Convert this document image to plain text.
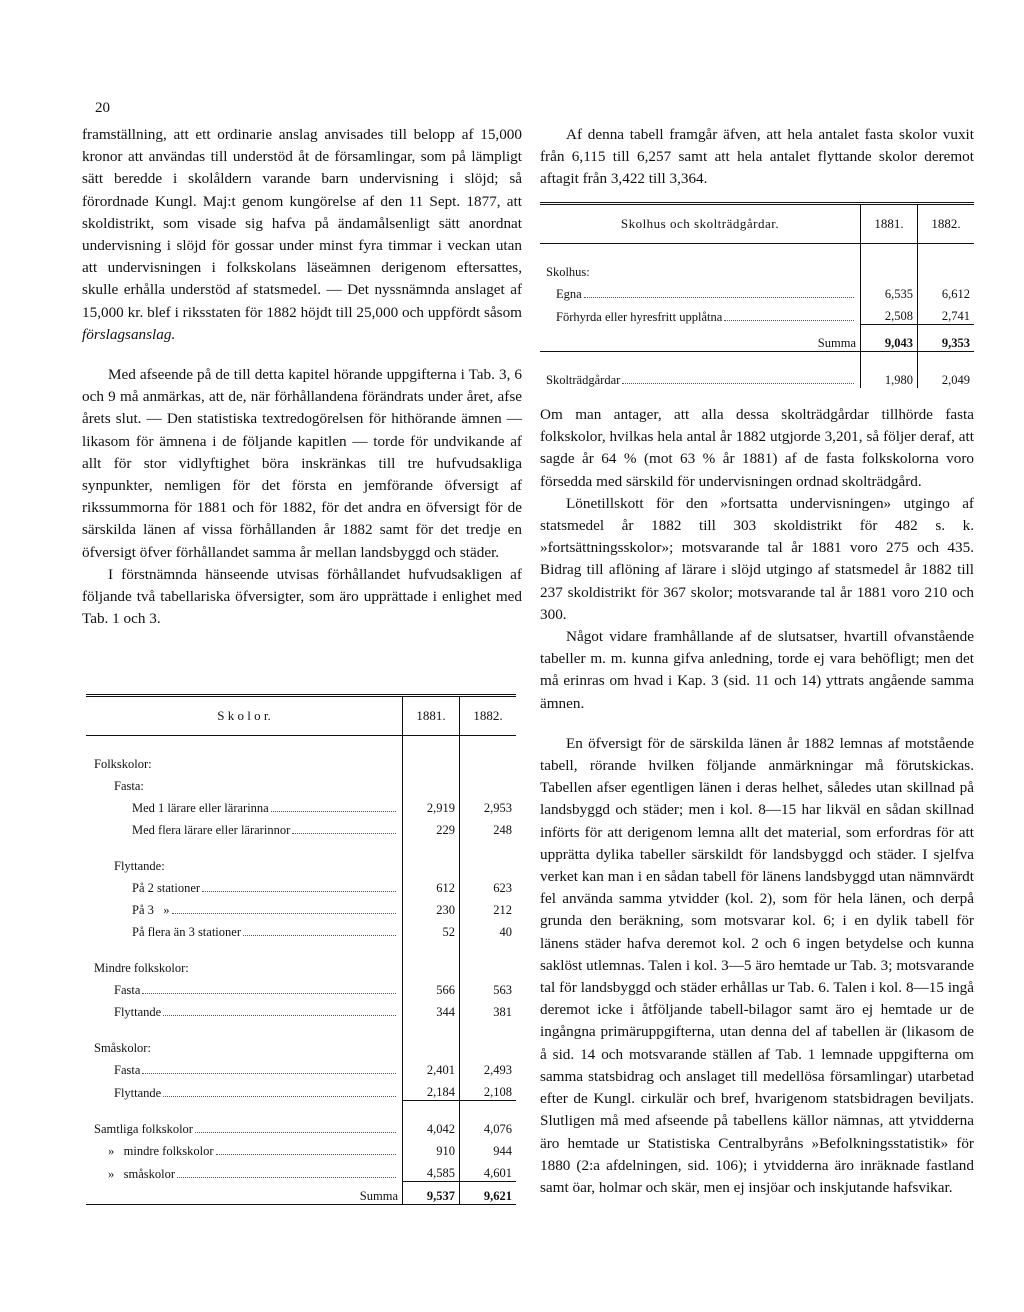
20

framställning, att ett ordinarie anslag anvisades till belopp af 15,000 kronor att användas till understöd åt de församlingar, som på lämpligt sätt beredde i skolåldern varande barn undervisning i slöjd; så förordnade Kungl. Maj:t genom kungörelse af den 11 Sept. 1877, att skoldistrikt, som visade sig hafva på ändamålsenligt sätt anordnat undervisning i slöjd för gossar under minst fyra timmar i veckan utan att undervisningen i folkskolans läseämnen derigenom eftersattes, skulle erhålla understöd af statsmedel. — Det nyssnämnda anslaget af 15,000 kr. blef i riksstaten för 1882 höjdt till 25,000 och uppfördt såsom förslagsanslag.

Med afseende på de till detta kapitel hörande uppgifterna i Tab. 3, 6 och 9 må anmärkas, att de, när förhållandena förändrats under året, afse årets slut. — Den statistiska textredogörelsen för hithörande ämnen — likasom för ämnena i de följande kapitlen — torde för undvikande af allt för stor vidlyftighet böra inskränkas till tre hufvudsakliga synpunkter, nemligen för det första en jemförande öfversigt af rikssummorna för 1881 och för 1882, för det andra en öfversigt för de särskilda länen af vissa förhållanden år 1882 samt för det tredje en öfversigt öfver förhållandet samma år mellan landsbyggd och städer.

I förstnämnda hänseende utvisas förhållandet hufvudsakligen af följande två tabellariska öfversigter, som äro upprättade i enlighet med Tab. 1 och 3.

S k o l o r.	1881.	1882.

Folkskolor:		
Fasta:		

Med 1 lärare eller lärarinna	2,919	2,953

Med flera lärare eller lärarinnor	229	248

Flyttande:		

På 2 stationer	612	623

På 3   »	230	212

På flera än 3 stationer	52	40

Mindre folkskolor:		

Fasta	566	563

Flyttande	344	381

Småskolor:		

Fasta	2,401	2,493

Flyttande	2,184	2,108

Samtliga folkskolor	4,042	4,076

»   mindre folkskolor	910	944

»   småskolor	4,585	4,601
Summa	9,537	9,621

Af denna tabell framgår äfven, att hela antalet fasta skolor vuxit från 6,115 till 6,257 samt att hela antalet flyttande skolor deremot aftagit från 3,422 till 3,364.

Skolhus och skolträdgårdar.	1881.	1882.

Skolhus:		

Egna	6,535	6,612

Förhyrda eller hyresfritt upplåtna	2,508	2,741
Summa	9,043	9,353

Skolträdgårdar	1,980	2,049

Om man antager, att alla dessa skolträdgårdar tillhörde fasta folkskolor, hvilkas hela antal år 1882 utgjorde 3,201, så följer deraf, att sagde år 64 % (mot 63 % år 1881) af de fasta folkskolorna voro försedda med särskild för undervisningen ordnad skolträdgård.

Lönetillskott för den »fortsatta undervisningen» utgingo af statsmedel år 1882 till 303 skoldistrikt för 482 s. k. »fortsättningsskolor»; motsvarande tal år 1881 voro 275 och 435. Bidrag till aflöning af lärare i slöjd utgingo af statsmedel år 1882 till 237 skoldistrikt för 367 skolor; motsvarande tal år 1881 voro 210 och 300.

Något vidare framhållande af de slutsatser, hvartill ofvanstående tabeller m. m. kunna gifva anledning, torde ej vara behöfligt; men det må erinras om hvad i Kap. 3 (sid. 11 och 14) yttrats angående samma ämnen.

En öfversigt för de särskilda länen år 1882 lemnas af motstående tabell, rörande hvilken följande anmärkningar må förutskickas. Tabellen afser egentligen länen i deras helhet, således utan skillnad på landsbyggd och städer; men i kol. 8—15 har likväl en sådan skillnad införts för att derigenom lemna allt det material, som erfordras för att upprätta dylika tabeller särskildt för landsbyggd och städer. I sjelfva verket kan man i en sådan tabell för länens landsbyggd utan nämnvärdt fel använda samma ytvidder (kol. 2), som för hela länen, och derpå grunda den beräkning, som motsvarar kol. 6; i en dylik tabell för länens städer hafva deremot kol. 2 och 6 ingen betydelse och kunna saklöst utlemnas. Talen i kol. 3—5 äro hemtade ur Tab. 3; motsvarande tal för landsbyggd och städer erhållas ur Tab. 6. Talen i kol. 8—15 ingå deremot icke i åtföljande tabell-bilagor samt äro ej hemtade ur de ingångna primäruppgifterna, utan denna del af tabellen är (likasom de å sid. 14 och motsvarande ställen af Tab. 1 lemnade uppgifterna om samma statsbidrag och anslaget till medellösa församlingar) utarbetad efter de Kungl. cirkulär och bref, hvarigenom statsbidragen beviljats. Slutligen må med afseende på tabellens källor nämnas, att ytvidderna äro hemtade ur Statistiska Centralbyråns »Befolkningsstatistik» för 1880 (2:a afdelningen, sid. 106); i ytvidderna äro inräknade fastland samt öar, holmar och skär, men ej insjöar och inskjutande hafsvikar.
